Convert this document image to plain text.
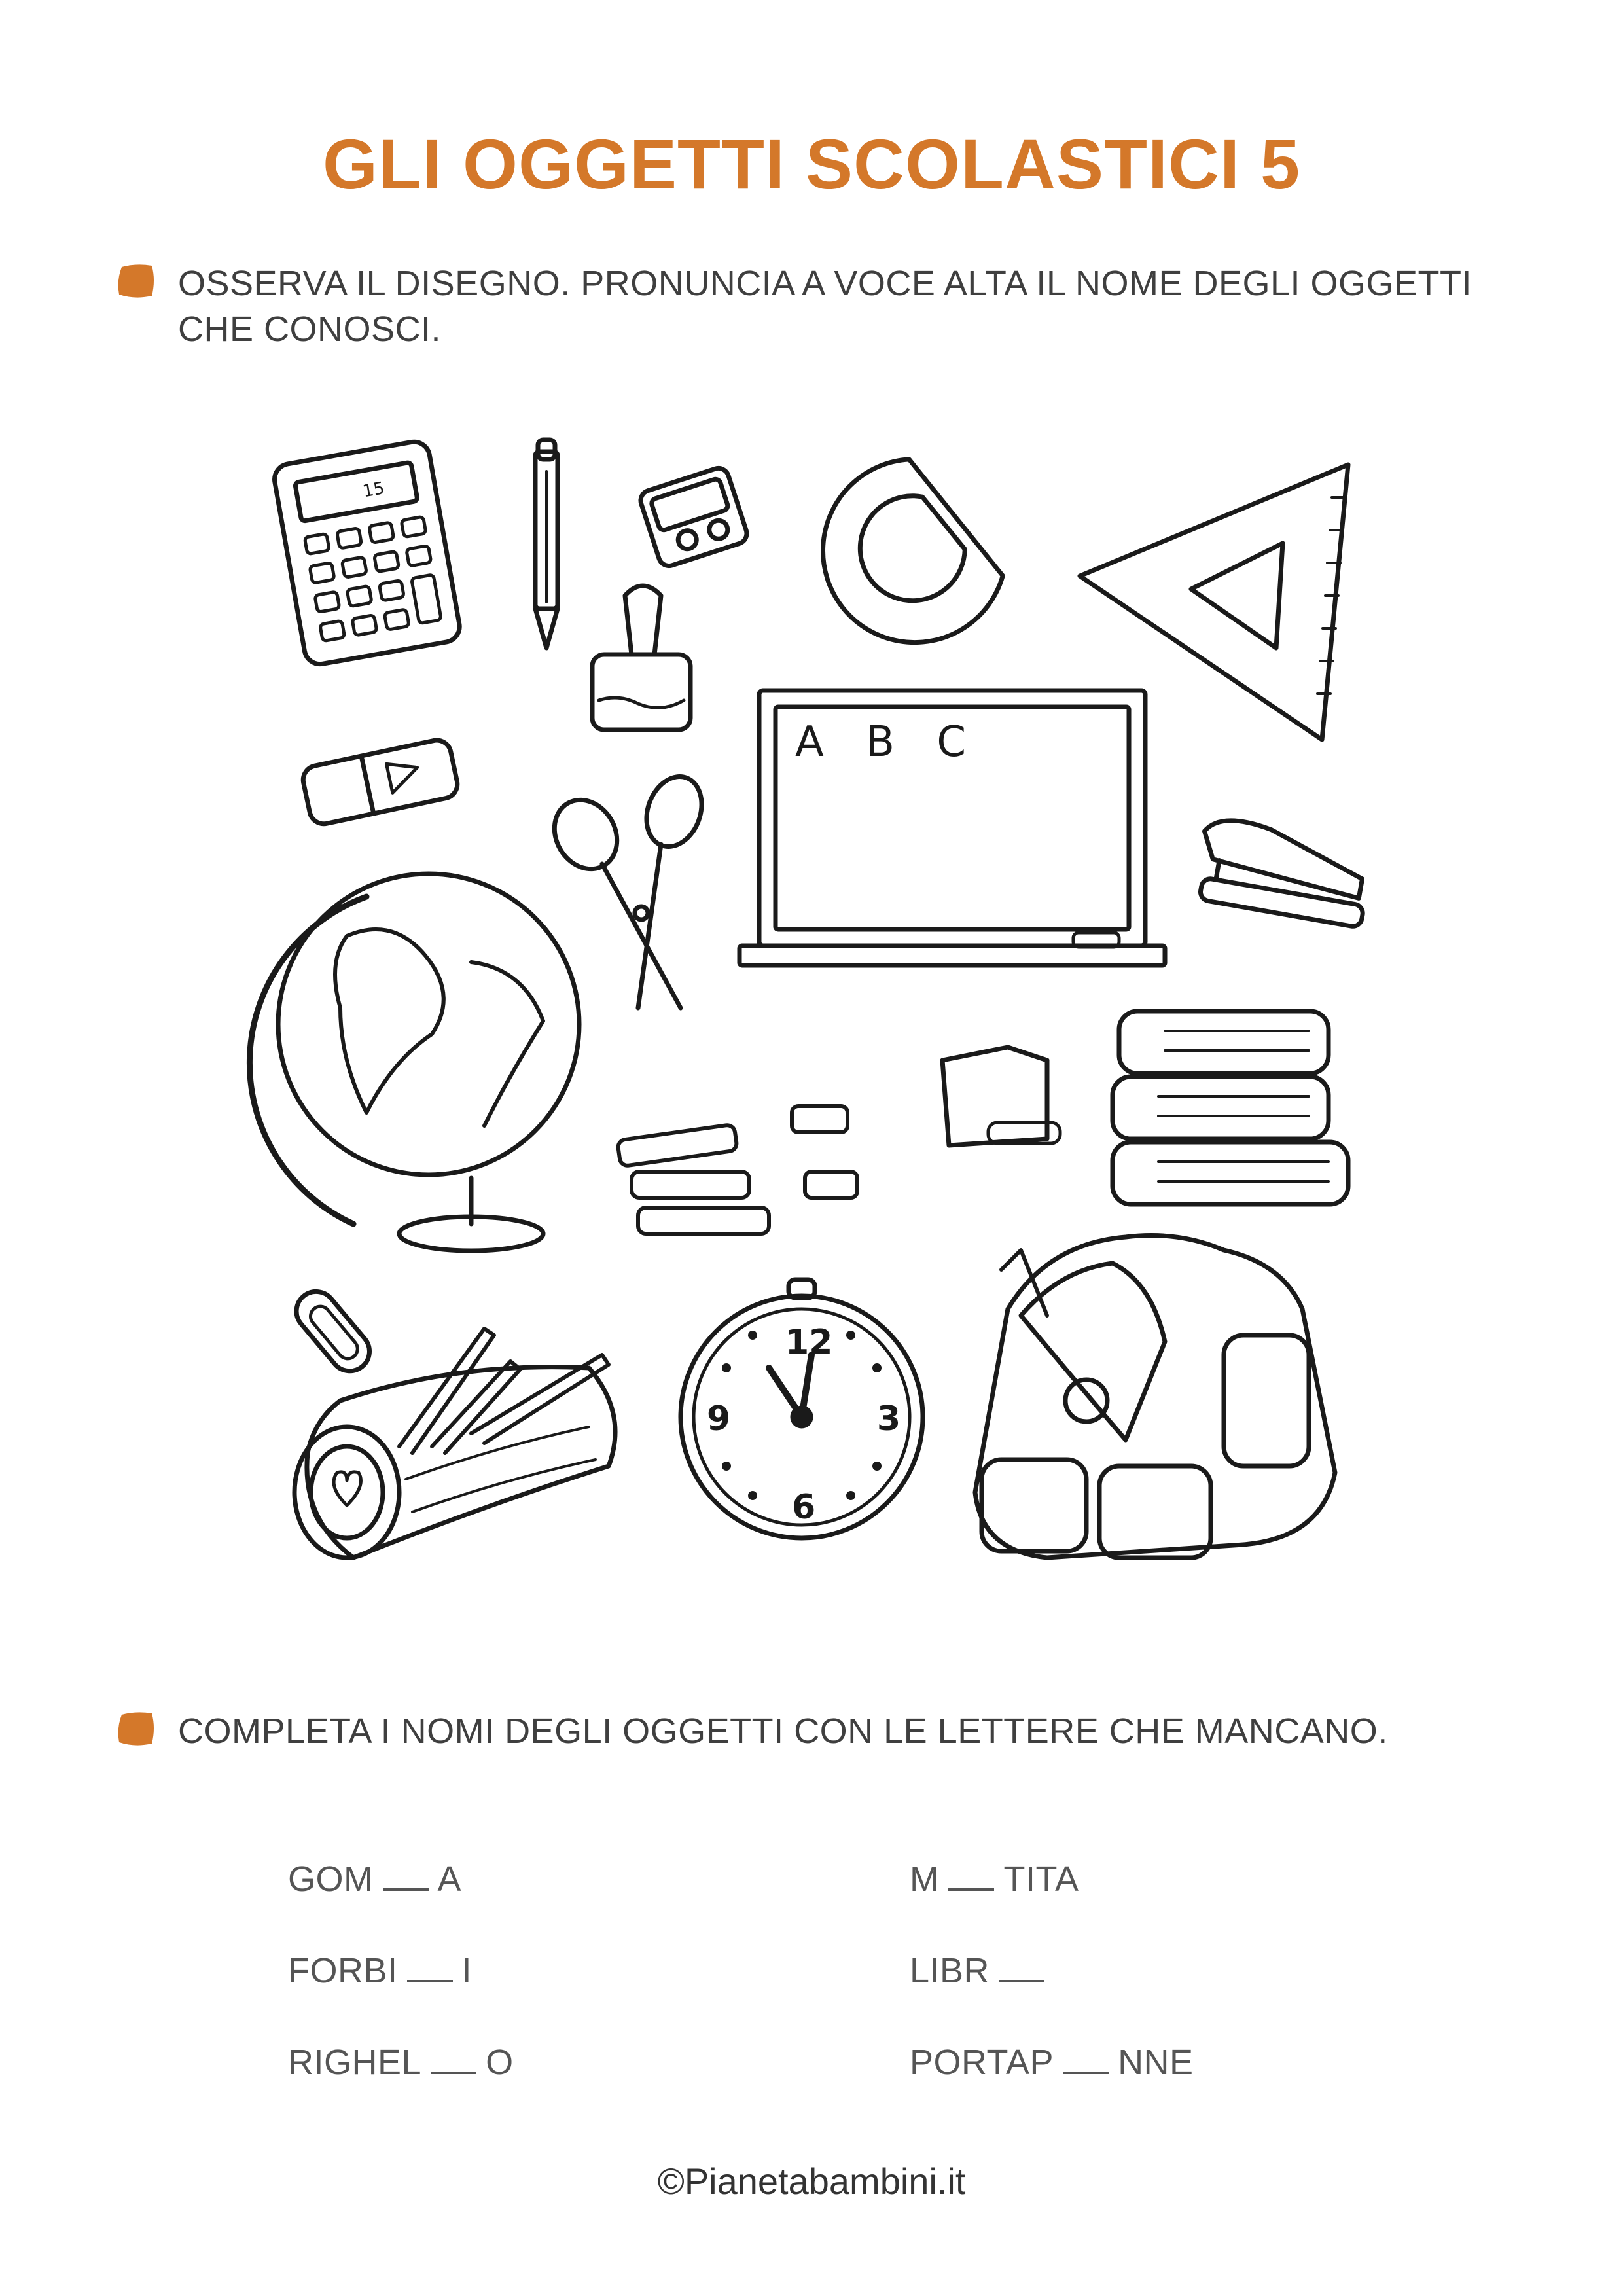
GLI OGGETTI SCOLASTICI 5
OSSERVA IL DISEGNO. PRONUNCIA A VOCE ALTA IL NOME DEGLI OGGETTI CHE CONOSCI.
A B C
15
12
3
6
9
COMPLETA I NOMI DEGLI OGGETTI CON LE LETTERE CHE MANCANO.
GOM A
FORBI I
RIGHEL O
M TITA
LIBR
PORTAP NNE
©Pianetabambini.it
